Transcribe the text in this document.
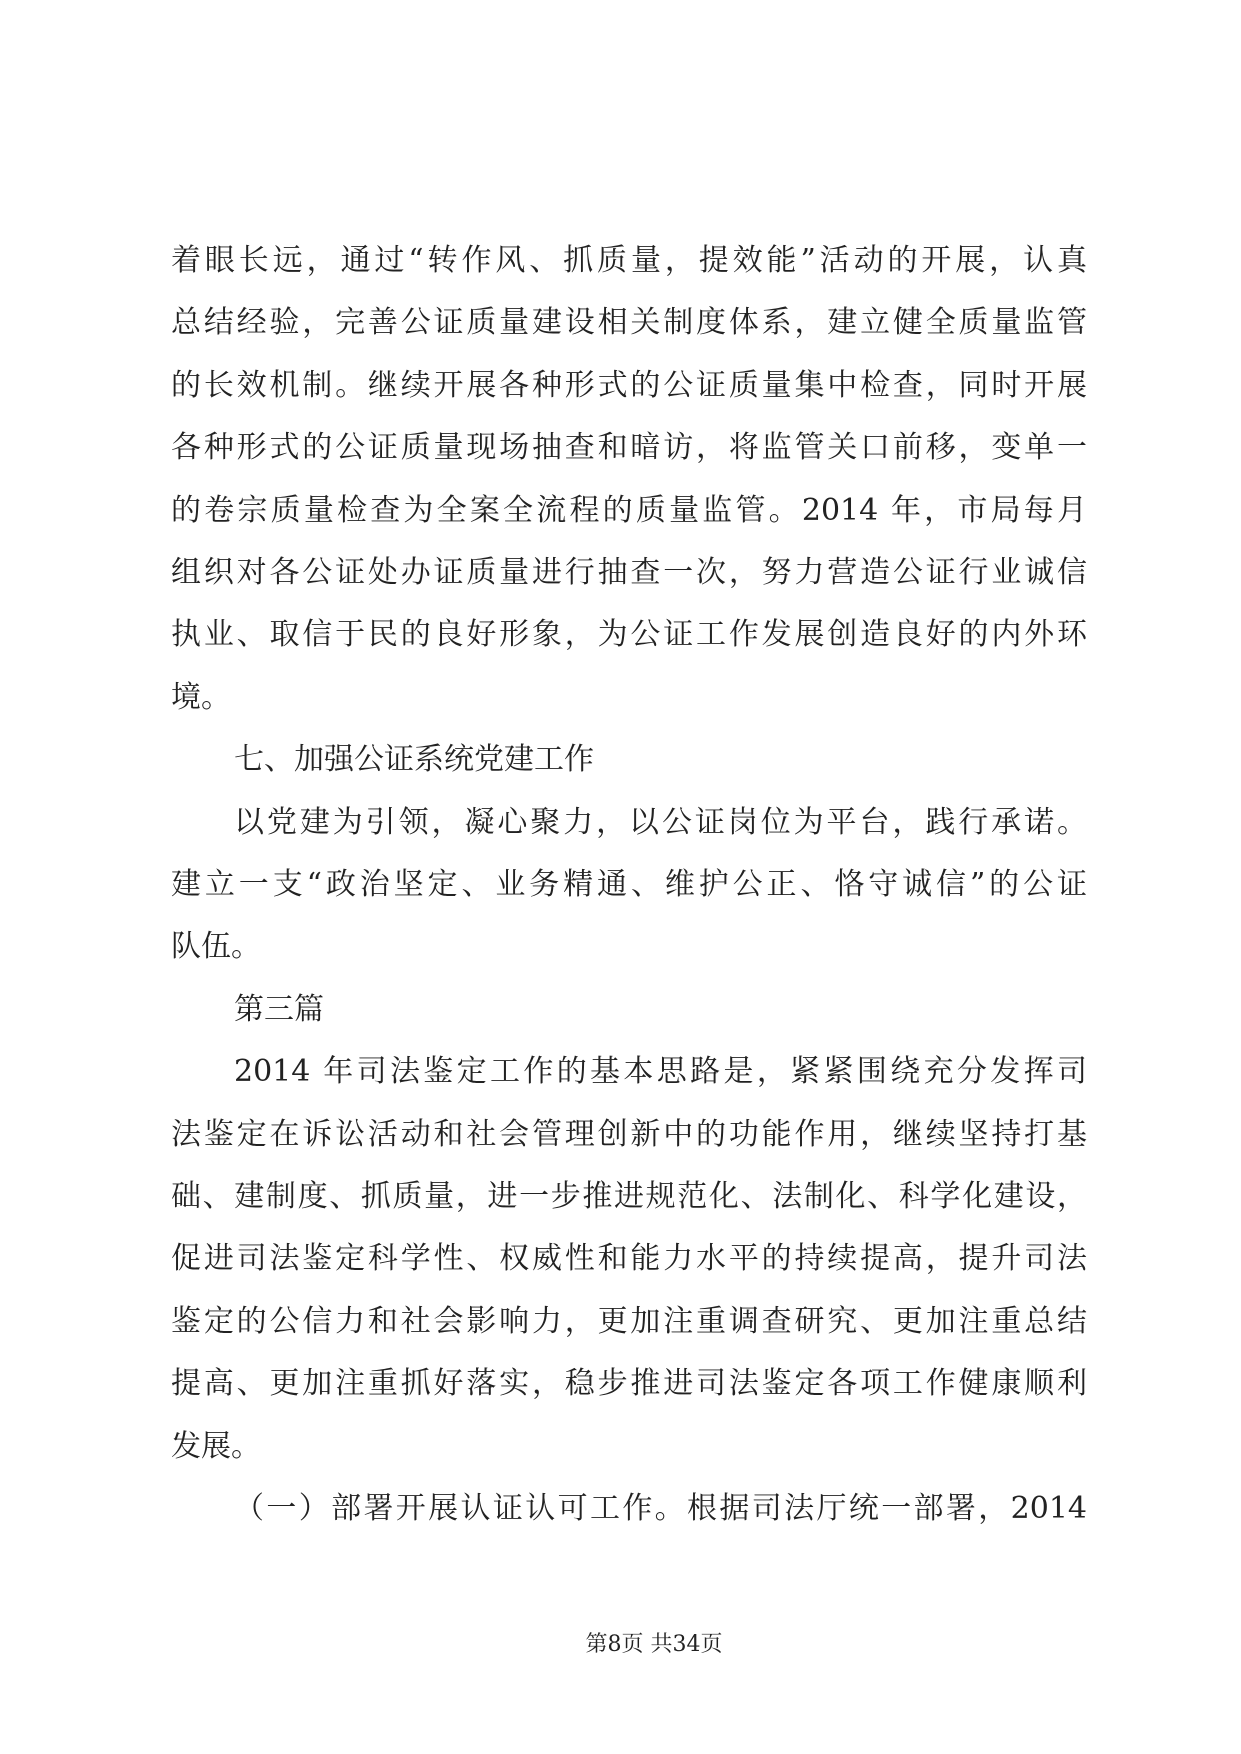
着眼长远，通过“转作风、抓质量，提效能”活动的开展，认真
总结经验，完善公证质量建设相关制度体系，建立健全质量监管
的长效机制。继续开展各种形式的公证质量集中检查，同时开展
各种形式的公证质量现场抽查和暗访，将监管关口前移，变单一
的卷宗质量检查为全案全流程的质量监管。2014 年，市局每月
组织对各公证处办证质量进行抽查一次，努力营造公证行业诚信
执业、取信于民的良好形象，为公证工作发展创造良好的内外环
境。
七、加强公证系统党建工作
以党建为引领，凝心聚力，以公证岗位为平台，践行承诺。
建立一支“政治坚定、业务精通、维护公正、恪守诚信”的公证
队伍。
第三篇
2014 年司法鉴定工作的基本思路是，紧紧围绕充分发挥司
法鉴定在诉讼活动和社会管理创新中的功能作用，继续坚持打基
础、建制度、抓质量，进一步推进规范化、法制化、科学化建设，
促进司法鉴定科学性、权威性和能力水平的持续提高，提升司法
鉴定的公信力和社会影响力，更加注重调查研究、更加注重总结
提高、更加注重抓好落实，稳步推进司法鉴定各项工作健康顺利
发展。
（一）部署开展认证认可工作。根据司法厅统一部署，2014
第8页 共34页
